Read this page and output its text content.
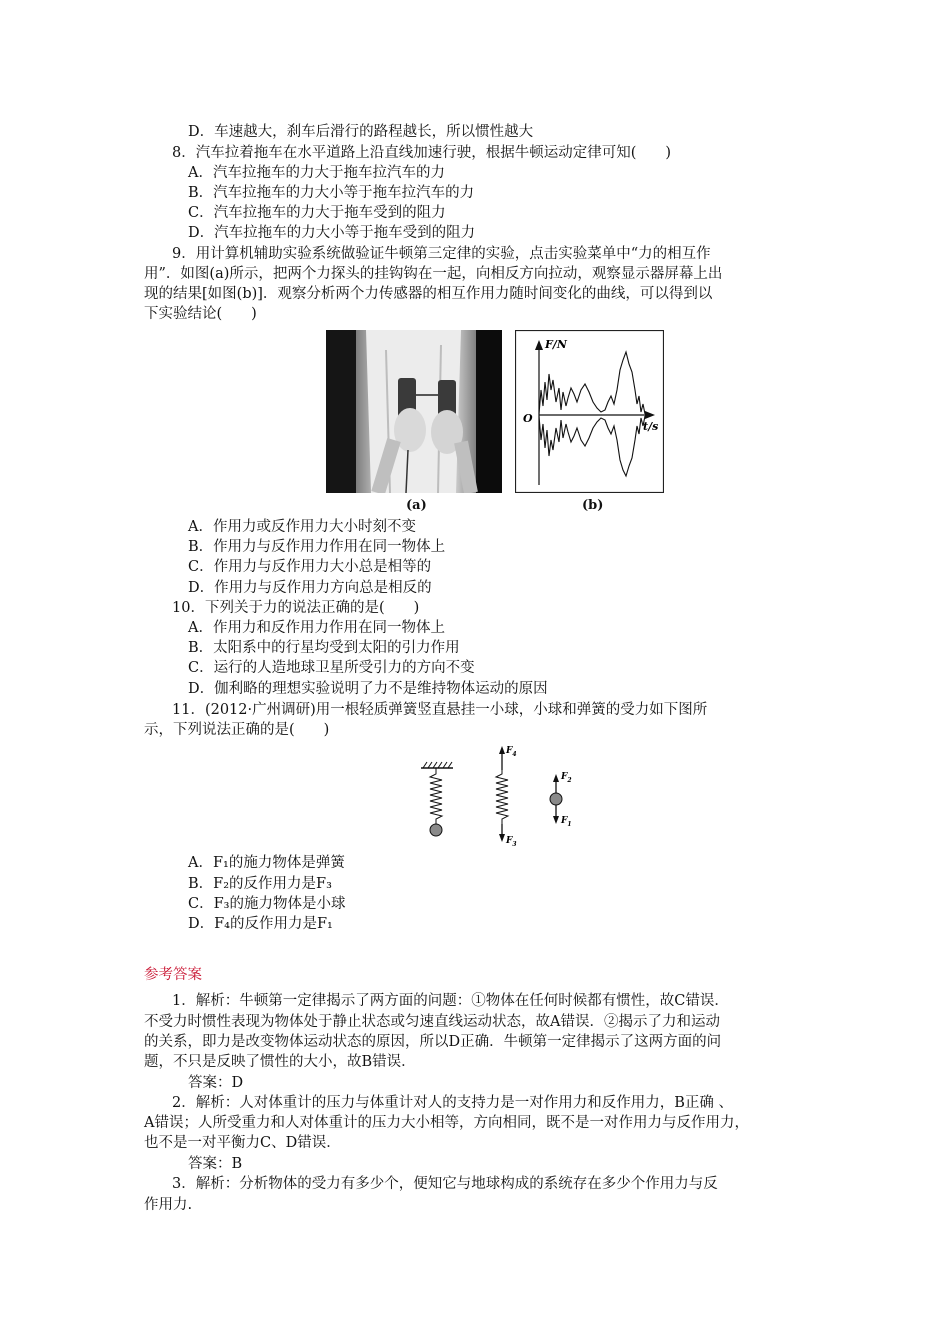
D．车速越大，刹车后滑行的路程越长，所以惯性越大
8．汽车拉着拖车在水平道路上沿直线加速行驶，根据牛顿运动定律可知(　　)
A．汽车拉拖车的力大于拖车拉汽车的力
B．汽车拉拖车的力大小等于拖车拉汽车的力
C．汽车拉拖车的力大于拖车受到的阻力
D．汽车拉拖车的力大小等于拖车受到的阻力
9．用计算机辅助实验系统做验证牛顿第三定律的实验，点击实验菜单中“力的相互作
用”．如图(a)所示，把两个力探头的挂钩钩在一起，向相反方向拉动，观察显示器屏幕上出
现的结果[如图(b)]．观察分析两个力传感器的相互作用力随时间变化的曲线，可以得到以
下实验结论(　　)
(a)
F/N
t/s
O
(b)
A．作用力或反作用力大小时刻不变
B．作用力与反作用力作用在同一物体上
C．作用力与反作用力大小总是相等的
D．作用力与反作用力方向总是相反的
10．下列关于力的说法正确的是(　　)
A．作用力和反作用力作用在同一物体上
B．太阳系中的行星均受到太阳的引力作用
C．运行的人造地球卫星所受引力的方向不变
D．伽利略的理想实验说明了力不是维持物体运动的原因
11．(2012·广州调研)用一根轻质弹簧竖直悬挂一小球，小球和弹簧的受力如下图所
示，下列说法正确的是(　　)
$F_4$
$F_3$
$F_2$
$F_1$
A．F₁的施力物体是弹簧
B．F₂的反作用力是F₃
C．F₃的施力物体是小球
D．F₄的反作用力是F₁
参考答案
1．解析：牛顿第一定律揭示了两方面的问题：①物体在任何时候都有惯性，故C错误．
不受力时惯性表现为物体处于静止状态或匀速直线运动状态，故A错误．②揭示了力和运动
的关系，即力是改变物体运动状态的原因，所以D正确．牛顿第一定律揭示了这两方面的问
题，不只是反映了惯性的大小，故B错误．
答案：D
2．解析：人对体重计的压力与体重计对人的支持力是一对作用力和反作用力，B正确 、
A错误；人所受重力和人对体重计的压力大小相等，方向相同，既不是一对作用力与反作用力，
也不是一对平衡力C、D错误．
答案：B
3．解析：分析物体的受力有多少个，便知它与地球构成的系统存在多少个作用力与反
作用力.
